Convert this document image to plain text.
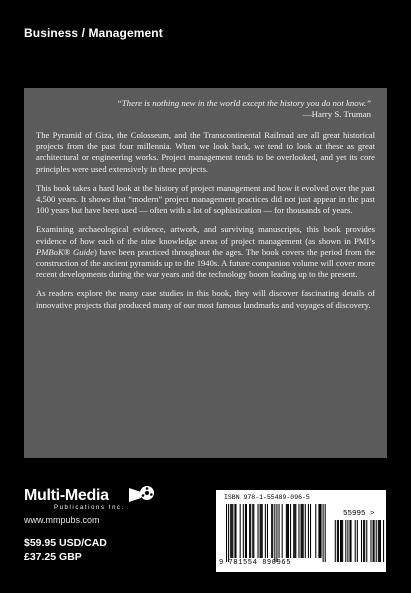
Business / Management
“There is nothing new in the world except the history you do not know.”
—Harry S. Truman

The Pyramid of Giza, the Colosseum, and the Transcontinental Railroad are all great historical projects from the past four millennia. When we look back, we tend to look at these as great architectural or engineering works. Project management tends to be overlooked, and yet its core principles were used extensively in these projects.

This book takes a hard look at the history of project management and how it evolved over the past 4,500 years. It shows that “modern” project management practices did not just appear in the past 100 years but have been used — often with a lot of sophistication — for thousands of years.

Examining archaeological evidence, artwork, and surviving manuscripts, this book provides evidence of how each of the nine knowledge areas of project management (as shown in PMI’s PMBoK® Guide) have been practiced throughout the ages. The book covers the period from the construction of the ancient pyramids up to the 1940s. A future companion volume will cover more recent developments during the war years and the technology boom leading up to the present.

As readers explore the many case studies in this book, they will discover fascinating details of innovative projects that produced many of our most famous landmarks and voyages of discovery.

Multi-Media
Publications Inc.
www.mmpubs.com
$59.95 USD/CAD
£37.25 GBP
ISBN 978-1-55489-096-5
55995 >
9 781554 890965
